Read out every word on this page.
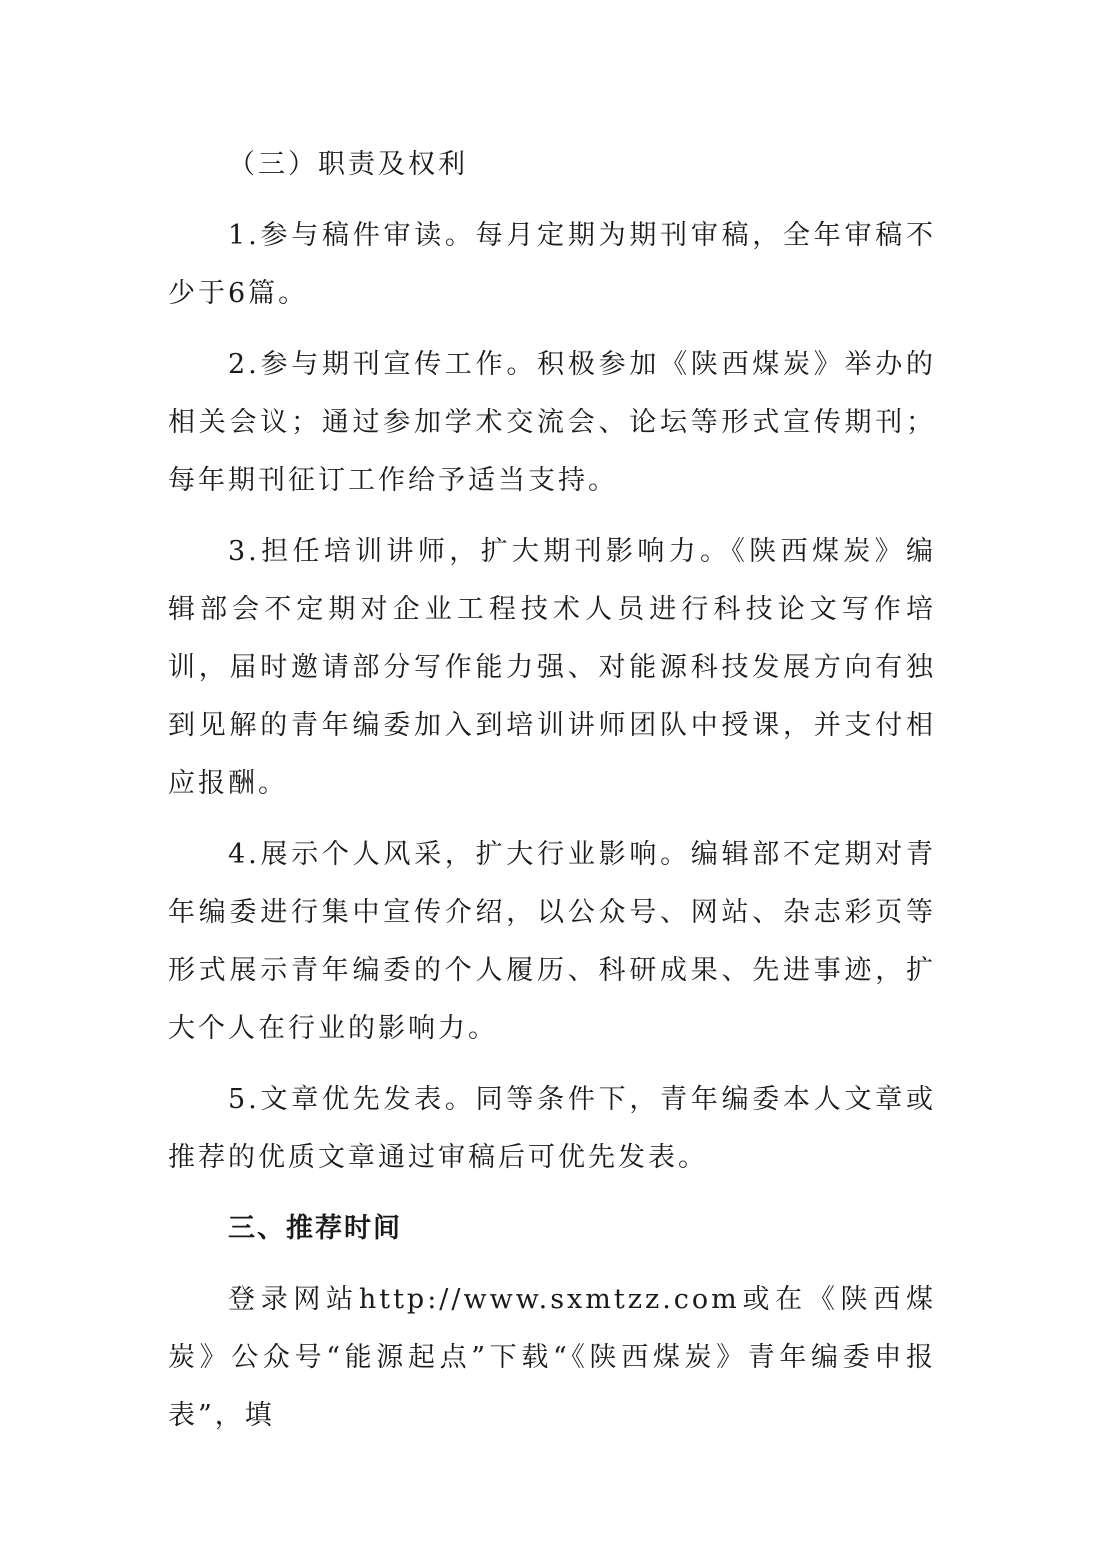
（三）职责及权利

1.参与稿件审读。每月定期为期刊审稿，全年审稿不少于6篇。

2.参与期刊宣传工作。积极参加《陕西煤炭》举办的相关会议；通过参加学术交流会、论坛等形式宣传期刊；每年期刊征订工作给予适当支持。

3.担任培训讲师，扩大期刊影响力。《陕西煤炭》编辑部会不定期对企业工程技术人员进行科技论文写作培训，届时邀请部分写作能力强、对能源科技发展方向有独到见解的青年编委加入到培训讲师团队中授课，并支付相应报酬。

4.展示个人风采，扩大行业影响。编辑部不定期对青年编委进行集中宣传介绍，以公众号、网站、杂志彩页等形式展示青年编委的个人履历、科研成果、先进事迹，扩大个人在行业的影响力。

5.文章优先发表。同等条件下，青年编委本人文章或推荐的优质文章通过审稿后可优先发表。

三、推荐时间

登录网站http://www.sxmtzz.com或在《陕西煤炭》公众号“能源起点”下载“《陕西煤炭》青年编委申报表”，填
